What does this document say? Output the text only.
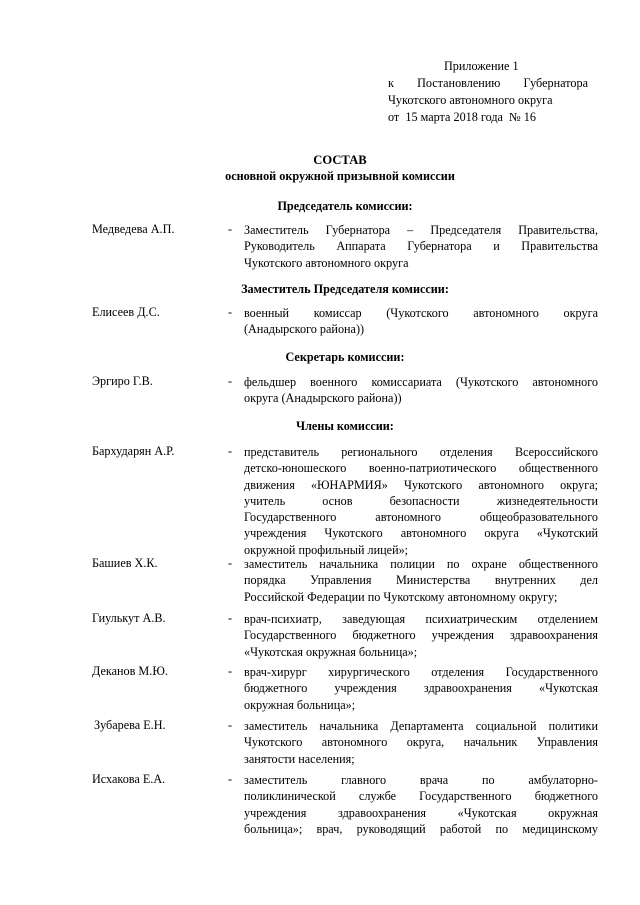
Приложение 1
к Постановлению Губернатора
Чукотского автономного округа
от  15 марта 2018 года  № 16
СОСТАВ
основной окружной призывной комиссии
Председатель комиссии:
Заместитель Председателя комиссии:
Секретарь комиссии:
Члены комиссии:
Медведева А.П.	- Заместитель Губернатора – Председателя Правительства,
Руководитель Аппарата Губернатора и Правительства
Чукотского автономного округа
Елисеев Д.С.	- военный комиссар (Чукотского автономного округа
(Анадырского района))
Эргиро Г.В.	- фельдшер военного комиссариата (Чукотского автономного
округа (Анадырского района))
Бархударян А.Р.	- представитель регионального отделения Всероссийского
детско-юношеского военно-патриотического общественного
движения «ЮНАРМИЯ» Чукотского автономного округа;
учитель основ безопасности жизнедеятельности
Государственного автономного общеобразовательного
учреждения Чукотского автономного округа «Чукотский
окружной профильный лицей»;
Башиев Х.К.	- заместитель начальника полиции по охране общественного
порядка Управления Министерства внутренних дел
Российской Федерации по Чукотскому автономному округу;
Гиулькут А.В.	- врач-психиатр, заведующая психиатрическим отделением
Государственного бюджетного учреждения здравоохранения
«Чукотская окружная больница»;
Деканов М.Ю.	- врач-хирург хирургического отделения Государственного
бюджетного учреждения здравоохранения «Чукотская
окружная больница»;
Зубарева Е.Н.	- заместитель начальника Департамента социальной политики
Чукотского автономного округа, начальник Управления
занятости населения;
Исхакова Е.А.	- заместитель главного врача по амбулаторно-
поликлинической службе Государственного бюджетного
учреждения здравоохранения «Чукотская окружная
больница»; врач, руководящий работой по медицинскому
